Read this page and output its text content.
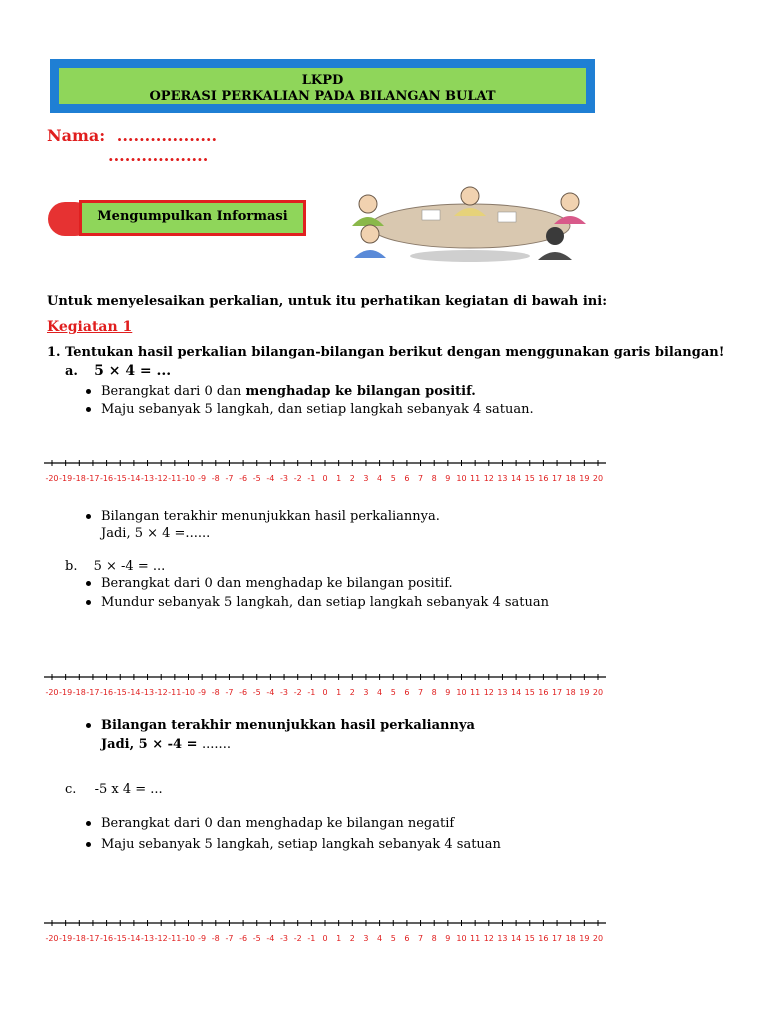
LKPD
OPERASI PERKALIAN PADA BILANGAN BULAT
Nama: ..................
..................
Mengumpulkan Informasi
Untuk menyelesaikan perkalian, untuk itu perhatikan kegiatan di bawah ini:
Kegiatan 1
1. Tentukan hasil perkalian bilangan-bilangan berikut dengan menggunakan garis bilangan!
a. 5 × 4 = ...
Berangkat dari 0 dan menghadap ke bilangan positif.
Maju sebanyak 5 langkah, dan setiap langkah sebanyak 4 satuan.
-20 -19 -18 -17 -16 -15 -14 -13 -12 -11 -10 -9 -8 -7 -6 -5 -4 -3 -2 -1 0 1 2 3 4 5 6 7 8 9 10 11 12 13 14 15 16 17 18 19 20
Bilangan terakhir menunjukkan hasil perkaliannya.
Jadi, 5 × 4 =......
b. 5 × -4 = ...
Berangkat dari 0 dan menghadap ke bilangan positif.
Mundur sebanyak 5 langkah, dan setiap langkah sebanyak 4 satuan
-20 -19 -18 -17 -16 -15 -14 -13 -12 -11 -10 -9 -8 -7 -6 -5 -4 -3 -2 -1 0 1 2 3 4 5 6 7 8 9 10 11 12 13 14 15 16 17 18 19 20
Bilangan terakhir menunjukkan hasil perkaliannya
Jadi, 5 × -4 = .......
c. -5 x 4 = ...
Berangkat dari 0 dan menghadap ke bilangan negatif
Maju sebanyak 5 langkah, setiap langkah sebanyak 4 satuan
-20 -19 -18 -17 -16 -15 -14 -13 -12 -11 -10 -9 -8 -7 -6 -5 -4 -3 -2 -1 0 1 2 3 4 5 6 7 8 9 10 11 12 13 14 15 16 17 18 19 20
